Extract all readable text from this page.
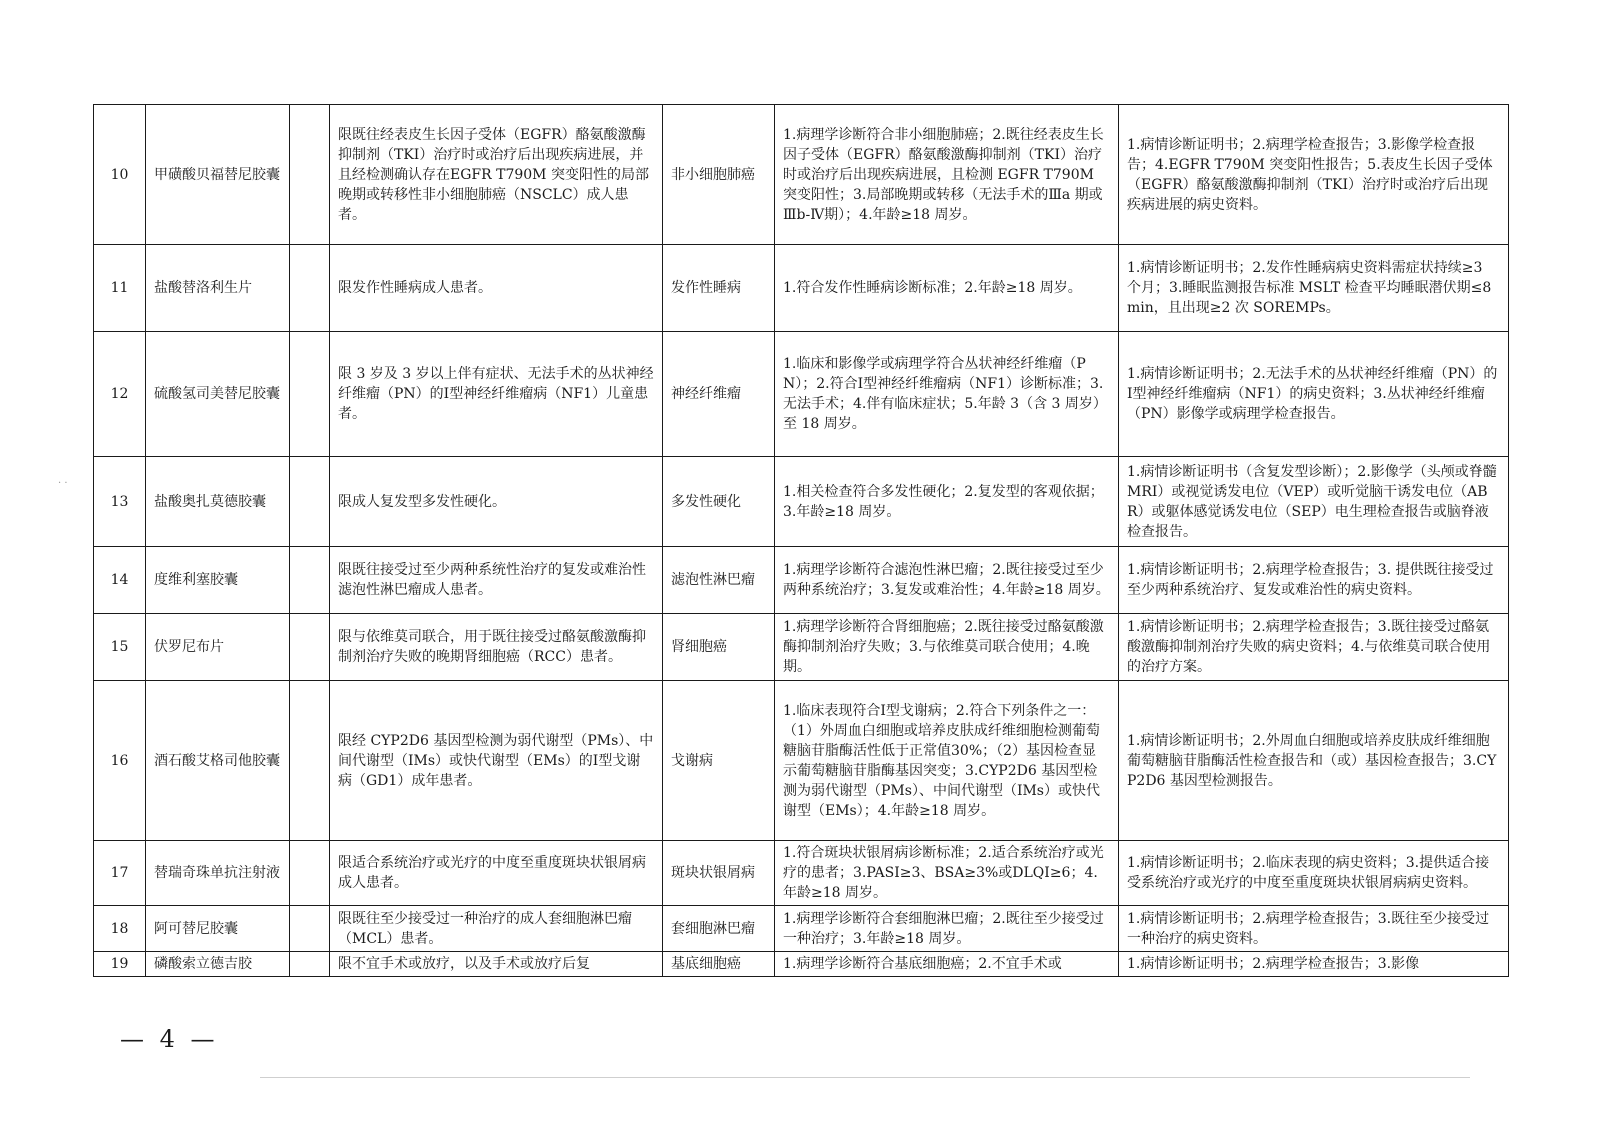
10	甲磺酸贝福替尼胶囊		限既往经表皮生长因子受体（EGFR）酪氨酸激酶抑制剂（TKI）治疗时或治疗后出现疾病进展，并且经检测确认存在EGFR T790M 突变阳性的局部晚期或转移性非小细胞肺癌（NSCLC）成人患者。	非小细胞肺癌	1.病理学诊断符合非小细胞肺癌；2.既往经表皮生长因子受体（EGFR）酪氨酸激酶抑制剂（TKI）治疗时或治疗后出现疾病进展，且检测 EGFR T790M 突变阳性；3.局部晚期或转移（无法手术的Ⅲa 期或Ⅲb-Ⅳ期）；4.年龄≥18 周岁。	1.病情诊断证明书；2.病理学检查报告；3.影像学检查报告；4.EGFR T790M 突变阳性报告；5.表皮生长因子受体（EGFR）酪氨酸激酶抑制剂（TKI）治疗时或治疗后出现疾病进展的病史资料。
11	盐酸替洛利生片		限发作性睡病成人患者。	发作性睡病	1.符合发作性睡病诊断标准；2.年龄≥18 周岁。	1.病情诊断证明书；2.发作性睡病病史资料需症状持续≥3 个月；3.睡眠监测报告标准 MSLT 检查平均睡眠潜伏期≤8 min，且出现≥2 次 SOREMPs。
12	硫酸氢司美替尼胶囊		限 3 岁及 3 岁以上伴有症状、无法手术的丛状神经纤维瘤（PN）的Ⅰ型神经纤维瘤病（NF1）儿童患者。	神经纤维瘤	1.临床和影像学或病理学符合丛状神经纤维瘤（PN）；2.符合Ⅰ型神经纤维瘤病（NF1）诊断标准；3.无法手术；4.伴有临床症状；5.年龄 3（含 3 周岁）至 18 周岁。	1.病情诊断证明书；2.无法手术的丛状神经纤维瘤（PN）的Ⅰ型神经纤维瘤病（NF1）的病史资料；3.丛状神经纤维瘤（PN）影像学或病理学检查报告。
13	盐酸奥扎莫德胶囊		限成人复发型多发性硬化。	多发性硬化	1.相关检查符合多发性硬化；2.复发型的客观依据；3.年龄≥18 周岁。	1.病情诊断证明书（含复发型诊断）；2.影像学（头颅或脊髓 MRI）或视觉诱发电位（VEP）或听觉脑干诱发电位（ABR）或躯体感觉诱发电位（SEP）电生理检查报告或脑脊液检查报告。
14	度维利塞胶囊		限既往接受过至少两种系统性治疗的复发或难治性滤泡性淋巴瘤成人患者。	滤泡性淋巴瘤	1.病理学诊断符合滤泡性淋巴瘤；2.既往接受过至少两种系统治疗；3.复发或难治性；4.年龄≥18 周岁。	1.病情诊断证明书；2.病理学检查报告；3. 提供既往接受过至少两种系统治疗、复发或难治性的病史资料。
15	伏罗尼布片		限与依维莫司联合，用于既往接受过酪氨酸激酶抑制剂治疗失败的晚期肾细胞癌（RCC）患者。	肾细胞癌	1.病理学诊断符合肾细胞癌；2.既往接受过酪氨酸激酶抑制剂治疗失败；3.与依维莫司联合使用；4.晚期。	1.病情诊断证明书；2.病理学检查报告；3.既往接受过酪氨酸激酶抑制剂治疗失败的病史资料；4.与依维莫司联合使用的治疗方案。
16	酒石酸艾格司他胶囊		限经 CYP2D6 基因型检测为弱代谢型（PMs）、中间代谢型（IMs）或快代谢型（EMs）的Ⅰ型戈谢病（GD1）成年患者。	戈谢病	1.临床表现符合Ⅰ型戈谢病；2.符合下列条件之一：（1）外周血白细胞或培养皮肤成纤维细胞检测葡萄糖脑苷脂酶活性低于正常值30%；（2）基因检查显示葡萄糖脑苷脂酶基因突变；3.CYP2D6 基因型检测为弱代谢型（PMs）、中间代谢型（IMs）或快代谢型（EMs）；4.年龄≥18 周岁。	1.病情诊断证明书；2.外周血白细胞或培养皮肤成纤维细胞葡萄糖脑苷脂酶活性检查报告和（或）基因检查报告；3.CYP2D6 基因型检测报告。
17	替瑞奇珠单抗注射液		限适合系统治疗或光疗的中度至重度斑块状银屑病成人患者。	斑块状银屑病	1.符合斑块状银屑病诊断标准；2.适合系统治疗或光疗的患者；3.PASI≥3、BSA≥3%或DLQI≥6；4.年龄≥18 周岁。	1.病情诊断证明书；2.临床表现的病史资料；3.提供适合接受系统治疗或光疗的中度至重度斑块状银屑病病史资料。
18	阿可替尼胶囊		限既往至少接受过一种治疗的成人套细胞淋巴瘤（MCL）患者。	套细胞淋巴瘤	1.病理学诊断符合套细胞淋巴瘤；2.既往至少接受过一种治疗；3.年龄≥18 周岁。	1.病情诊断证明书；2.病理学检查报告；3.既往至少接受过一种治疗的病史资料。
19	磷酸索立德吉胶		限不宜手术或放疗，以及手术或放疗后复	基底细胞癌	1.病理学诊断符合基底细胞癌；2.不宜手术或	1.病情诊断证明书；2.病理学检查报告；3.影像
— 4 —
· ·
